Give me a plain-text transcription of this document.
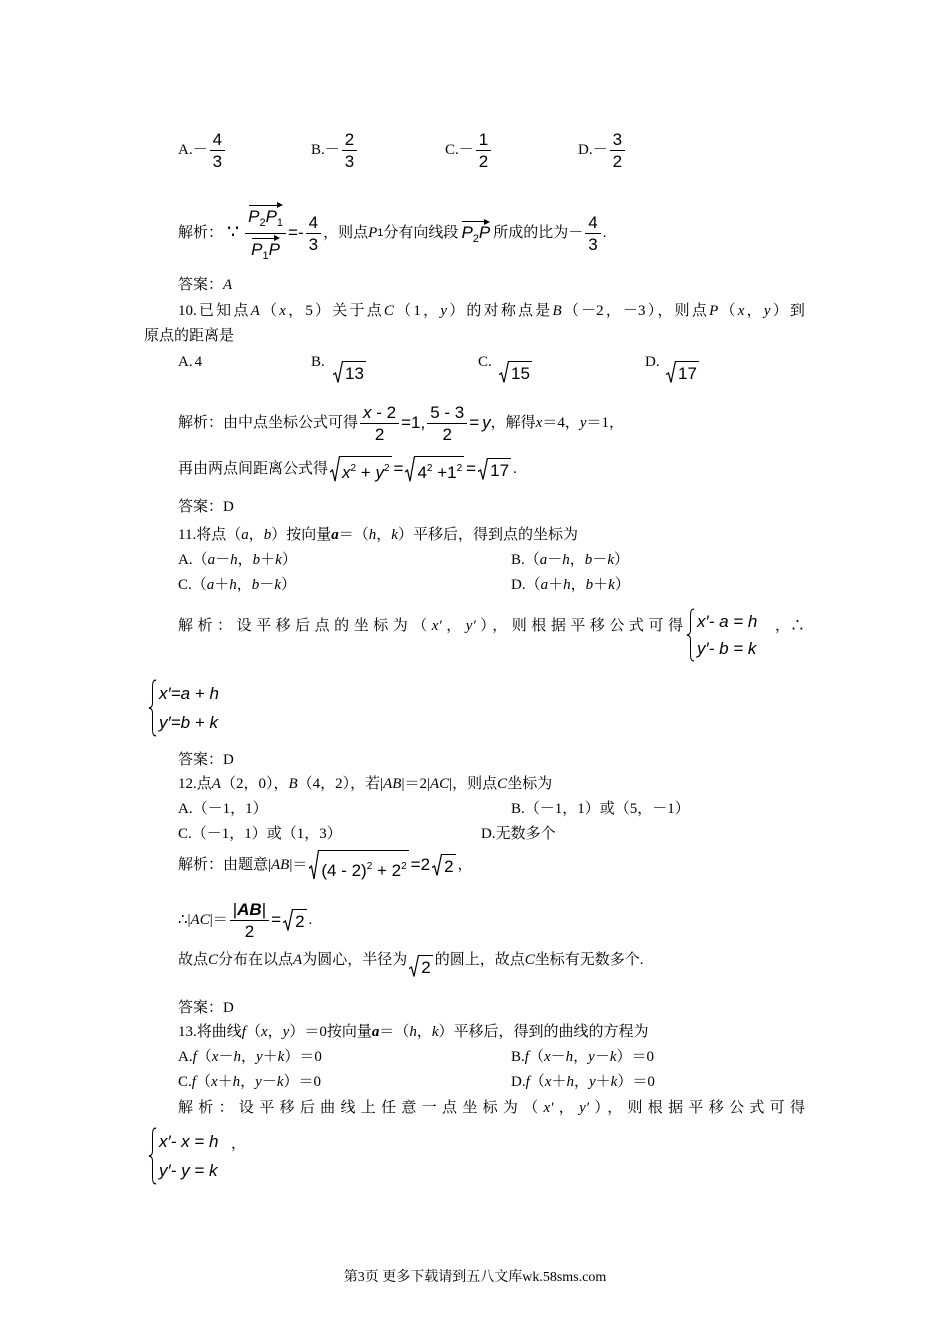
A. － $\frac{4}{3}$	B. － $\frac{2}{3}$	C. － $\frac{1}{2}$	D. － $\frac{3}{2}$
解析： ∵ $\frac{P_2P_1}{P_1P} =- \frac{4}{3}$ ，则点 P 1 分有向线段 $P_2P$ 所成的比为－ $\frac{4}{3}$ .
答案：A
10.已知点A（x，5）关于点C（1，y）的对称点是B（－2，－3），则点P（x，y）到
原点的距离是
A. 4	B.
13
C.
15
D.
17
解析：由中点坐标公式可得 $\frac{x - 2}{2} =1$, $\frac{5 - 3}{2} = y$ ，解得 x ＝4， y ＝1，
再由两点间距离公式得 $x^2 + y^2 = 4^2 +1^2 = 17$ .
答案：D
11.将点（a，b）按向量a＝（h，k）平移后，得到点的坐标为
A.（a－h，b＋k）	B.（a－h，b－k）
C.（a＋h，b－k）	D.（a＋h，b＋k）
解析：设平移后点的坐标为（x′，y′），则根据平移公式可得 x′- a = h
y′- b = k
，∴
x′=a + h
y′=b + k
答案：D
12.点A（2，0），B（4，2），若|AB|＝2|AC|，则点C坐标为
A.（－1，1）	B.（－1，1）或（5，－1）
C.（－1，1）或（1，3）	D.无数多个
解析：由题意$|AB|= (4 - 2)^2 + 2^2 =2$ 2 ，
∴|AC|＝ $\frac{|AB|}{2} = 2$ .
故点C分布在以点A为圆心，半径为 2 的圆上，故点C坐标有无数多个.
答案：D
13.将曲线f（x，y）＝0按向量a＝（h，k）平移后，得到的曲线的方程为
A.f（x－h，y＋k）＝0	B.f（x－h，y－k）＝0
C.f（x＋h，y－k）＝0	D.f（x＋h，y＋k）＝0
解析：设平移后曲线上任意一点坐标为（x′，y′），则根据平移公式可得
x′- x = h
y′- y = k
，
第3页 更多下载请到五八文库wk.58sms.com
